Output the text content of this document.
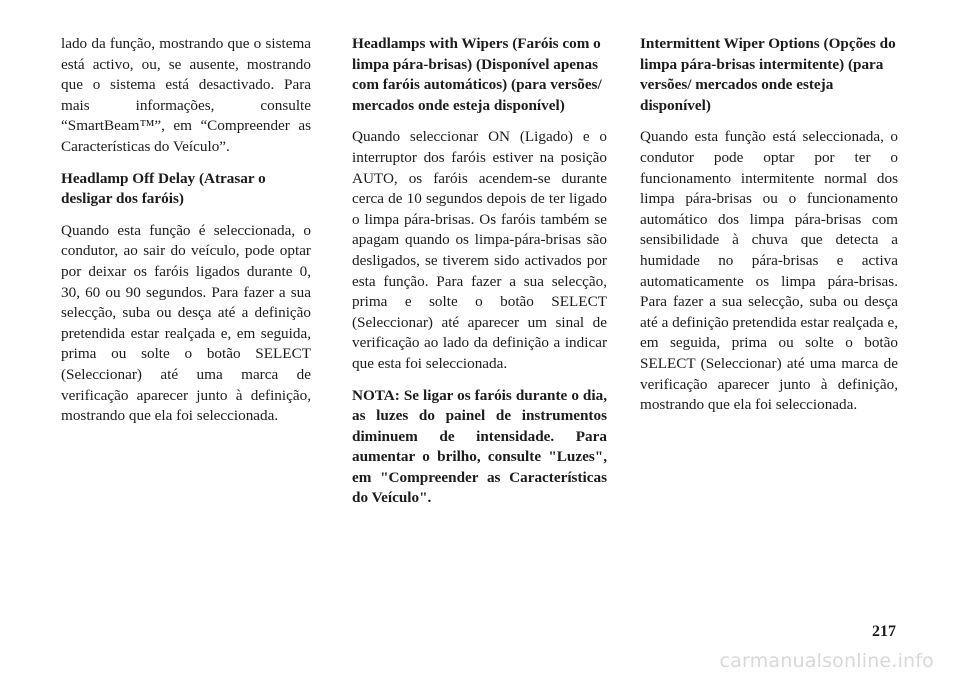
lado da função, mostrando que o sistema está activo, ou, se ausente, mostrando que o sistema está desactivado. Para mais informações, consulte “SmartBeam™”, em “Compreender as Características do Veículo”.

Headlamp Off Delay (Atrasar o desligar dos faróis)

Quando esta função é seleccionada, o condutor, ao sair do veículo, pode optar por deixar os faróis ligados durante 0, 30, 60 ou 90 segundos. Para fazer a sua selecção, suba ou desça até a definição pretendida estar realçada e, em seguida, prima ou solte o botão SELECT (Seleccionar) até uma marca de verificação aparecer junto à definição, mostrando que ela foi seleccionada.

Headlamps with Wipers (Faróis com o limpa pára-brisas) (Disponível apenas com faróis automáticos) (para versões/ mercados onde esteja disponível)

Quando seleccionar ON (Ligado) e o interruptor dos faróis estiver na posição AUTO, os faróis acendem-se durante cerca de 10 segundos depois de ter ligado o limpa pára-brisas. Os faróis também se apagam quando os limpa-pára-brisas são desligados, se tiverem sido activados por esta função. Para fazer a sua selecção, prima e solte o botão SELECT (Seleccionar) até aparecer um sinal de verificação ao lado da definição a indicar que esta foi seleccionada.

NOTA: Se ligar os faróis durante o dia, as luzes do painel de instrumentos diminuem de intensidade. Para aumentar o brilho, consulte "Luzes", em "Compreender as Características do Veículo".

Intermittent Wiper Options (Opções do limpa pára-brisas intermitente) (para versões/ mercados onde esteja disponível)

Quando esta função está seleccionada, o condutor pode optar por ter o funcionamento intermitente normal dos limpa pára-brisas ou o funcionamento automático dos limpa pára-brisas com sensibilidade à chuva que detecta a humidade no pára-brisas e activa automaticamente os limpa pára-brisas. Para fazer a sua selecção, suba ou desça até a definição pretendida estar realçada e, em seguida, prima ou solte o botão SELECT (Seleccionar) até uma marca de verificação aparecer junto à definição, mostrando que ela foi seleccionada.

217
carmanualsonline.info
